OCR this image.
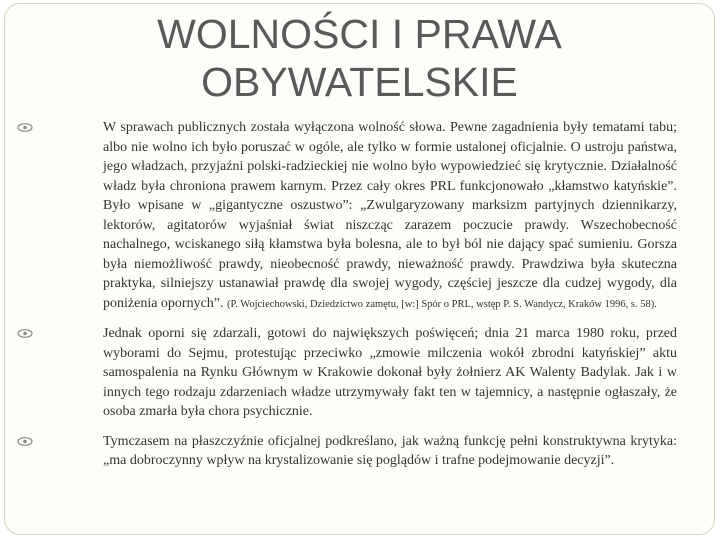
WOLNOŚCI I PRAWA
OBYWATELSKIE
W sprawach publicznych została wyłączona wolność słowa. Pewne zagadnienia były tematami tabu; albo nie wolno ich było poruszać w ogóle, ale tylko w formie ustalonej oficjalnie. O ustroju państwa, jego władzach, przyjaźni polski-radzieckiej nie wolno było wypowiedzieć się krytycznie. Działalność władz była chroniona prawem karnym. Przez cały okres PRL funkcjonowało „kłamstwo katyńskie”. Było wpisane w „gigantyczne oszustwo”: „Zwulgaryzowany marksizm partyjnych dziennikarzy, lektorów, agitatorów wyjaśniał świat niszcząc zarazem poczucie prawdy. Wszechobecność nachalnego, wciskanego siłą kłamstwa była bolesna, ale to był ból nie dający spać sumieniu. Gorsza była niemożliwość prawdy, nieobecność prawdy, nieważność prawdy. Prawdziwa była skuteczna praktyka, silniejszy ustanawiał prawdę dla swojej wygody, częściej jeszcze dla cudzej wygody, dla poniżenia opornych”. (P. Wojciechowski, Dziedzictwo zamętu, [w:] Spór o PRL, wstęp P. S. Wandycz, Kraków 1996, s. 58).
Jednak oporni się zdarzali, gotowi do największych poświęceń; dnia 21 marca 1980 roku, przed wyborami do Sejmu, protestując przeciwko „zmowie milczenia wokół zbrodni katyńskiej” aktu samospalenia na Rynku Głównym w Krakowie dokonał były żołnierz AK Walenty Badylak. Jak i w innych tego rodzaju zdarzeniach władze utrzymywały fakt ten w tajemnicy, a następnie ogłaszały, że osoba zmarła była chora psychicznie.
Tymczasem na płaszczyźnie oficjalnej podkreślano, jak ważną funkcję pełni konstruktywna krytyka: „ma dobroczynny wpływ na krystalizowanie się poglądów i trafne podejmowanie decyzji”.
